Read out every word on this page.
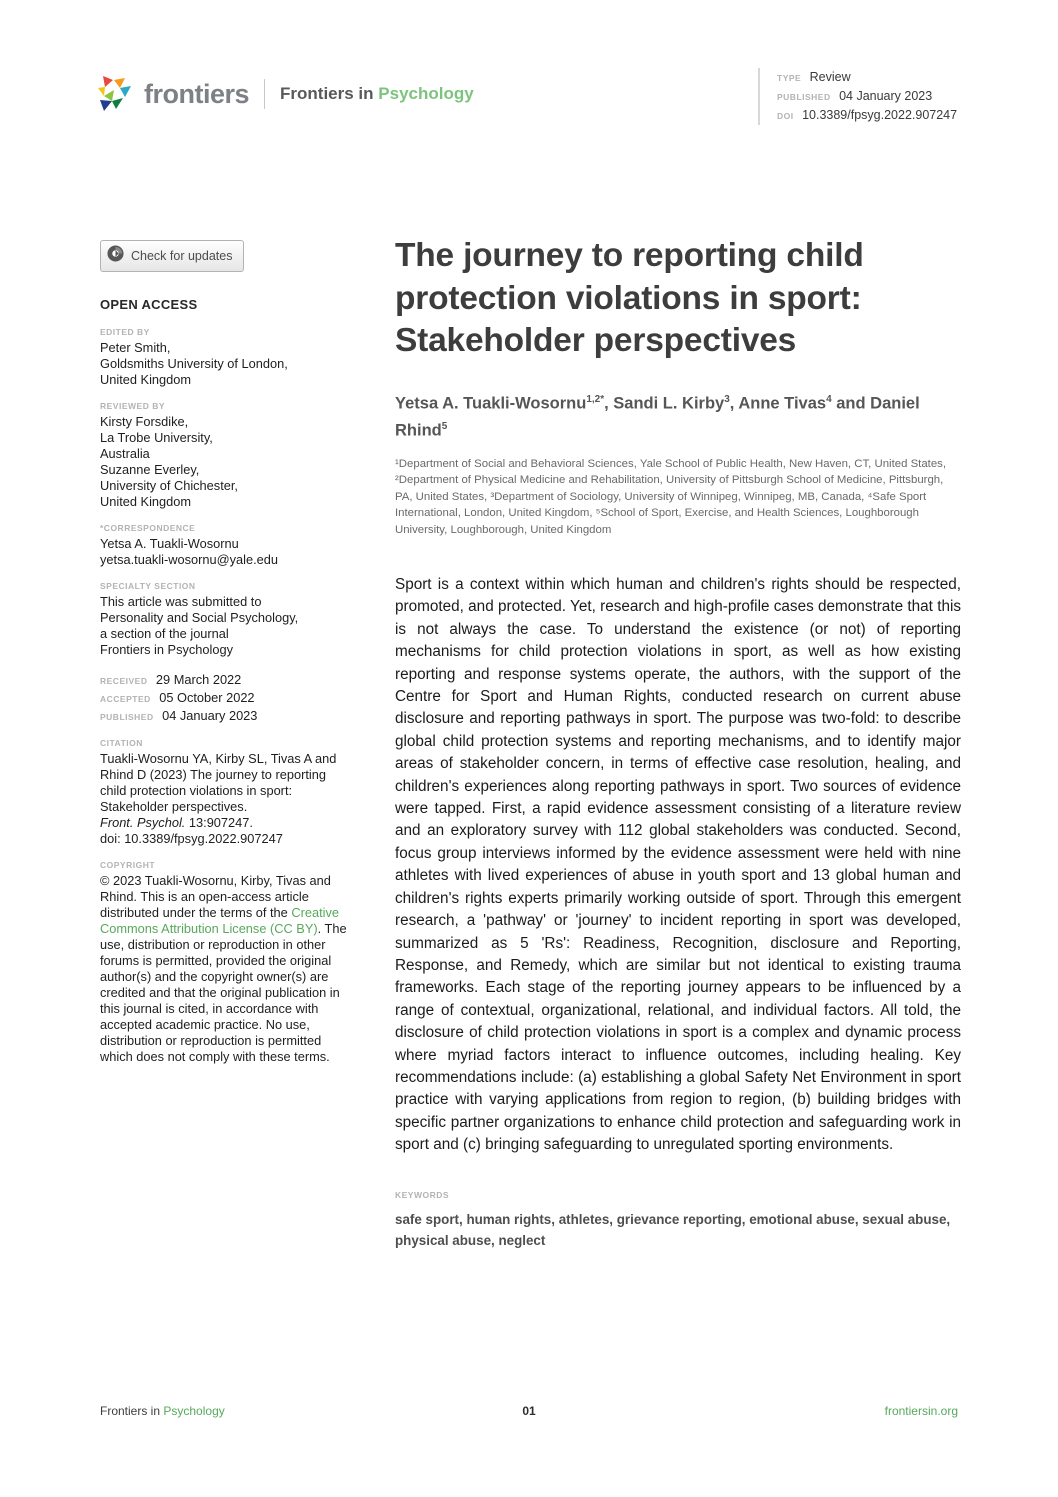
frontiers Frontiers in Psychology
TYPE Review
PUBLISHED 04 January 2023
DOI 10.3389/fpsyg.2022.907247
Check for updates
OPEN ACCESS
EDITED BY
Peter Smith,
Goldsmiths University of London,
United Kingdom
REVIEWED BY
Kirsty Forsdike,
La Trobe University,
Australia
Suzanne Everley,
University of Chichester,
United Kingdom
*CORRESPONDENCE
Yetsa A. Tuakli-Wosornu
yetsa.tuakli-wosornu@yale.edu
SPECIALTY SECTION
This article was submitted to
Personality and Social Psychology,
a section of the journal
Frontiers in Psychology
RECEIVED 29 March 2022
ACCEPTED 05 October 2022
PUBLISHED 04 January 2023
CITATION
Tuakli-Wosornu YA, Kirby SL, Tivas A and Rhind D (2023) The journey to reporting child protection violations in sport: Stakeholder perspectives.
Front. Psychol. 13:907247.
doi: 10.3389/fpsyg.2022.907247
COPYRIGHT
© 2023 Tuakli-Wosornu, Kirby, Tivas and Rhind. This is an open-access article distributed under the terms of the Creative Commons Attribution License (CC BY). The use, distribution or reproduction in other forums is permitted, provided the original author(s) and the copyright owner(s) are credited and that the original publication in this journal is cited, in accordance with accepted academic practice. No use, distribution or reproduction is permitted which does not comply with these terms.
The journey to reporting child protection violations in sport: Stakeholder perspectives
Yetsa A. Tuakli-Wosornu$^{1,2*}$, Sandi L. Kirby$^3$, Anne Tivas$^4$ and Daniel Rhind$^5$
¹Department of Social and Behavioral Sciences, Yale School of Public Health, New Haven, CT, United States, ²Department of Physical Medicine and Rehabilitation, University of Pittsburgh School of Medicine, Pittsburgh, PA, United States, ³Department of Sociology, University of Winnipeg, Winnipeg, MB, Canada, ⁴Safe Sport International, London, United Kingdom, ⁵School of Sport, Exercise, and Health Sciences, Loughborough University, Loughborough, United Kingdom
Sport is a context within which human and children's rights should be respected, promoted, and protected. Yet, research and high-profile cases demonstrate that this is not always the case. To understand the existence (or not) of reporting mechanisms for child protection violations in sport, as well as how existing reporting and response systems operate, the authors, with the support of the Centre for Sport and Human Rights, conducted research on current abuse disclosure and reporting pathways in sport. The purpose was two-fold: to describe global child protection systems and reporting mechanisms, and to identify major areas of stakeholder concern, in terms of effective case resolution, healing, and children's experiences along reporting pathways in sport. Two sources of evidence were tapped. First, a rapid evidence assessment consisting of a literature review and an exploratory survey with 112 global stakeholders was conducted. Second, focus group interviews informed by the evidence assessment were held with nine athletes with lived experiences of abuse in youth sport and 13 global human and children's rights experts primarily working outside of sport. Through this emergent research, a 'pathway' or 'journey' to incident reporting in sport was developed, summarized as 5 'Rs': Readiness, Recognition, disclosure and Reporting, Response, and Remedy, which are similar but not identical to existing trauma frameworks. Each stage of the reporting journey appears to be influenced by a range of contextual, organizational, relational, and individual factors. All told, the disclosure of child protection violations in sport is a complex and dynamic process where myriad factors interact to influence outcomes, including healing. Key recommendations include: (a) establishing a global Safety Net Environment in sport practice with varying applications from region to region, (b) building bridges with specific partner organizations to enhance child protection and safeguarding work in sport and (c) bringing safeguarding to unregulated sporting environments.
KEYWORDS
safe sport, human rights, athletes, grievance reporting, emotional abuse, sexual abuse, physical abuse, neglect
Frontiers in Psychology	01	frontiersin.org
